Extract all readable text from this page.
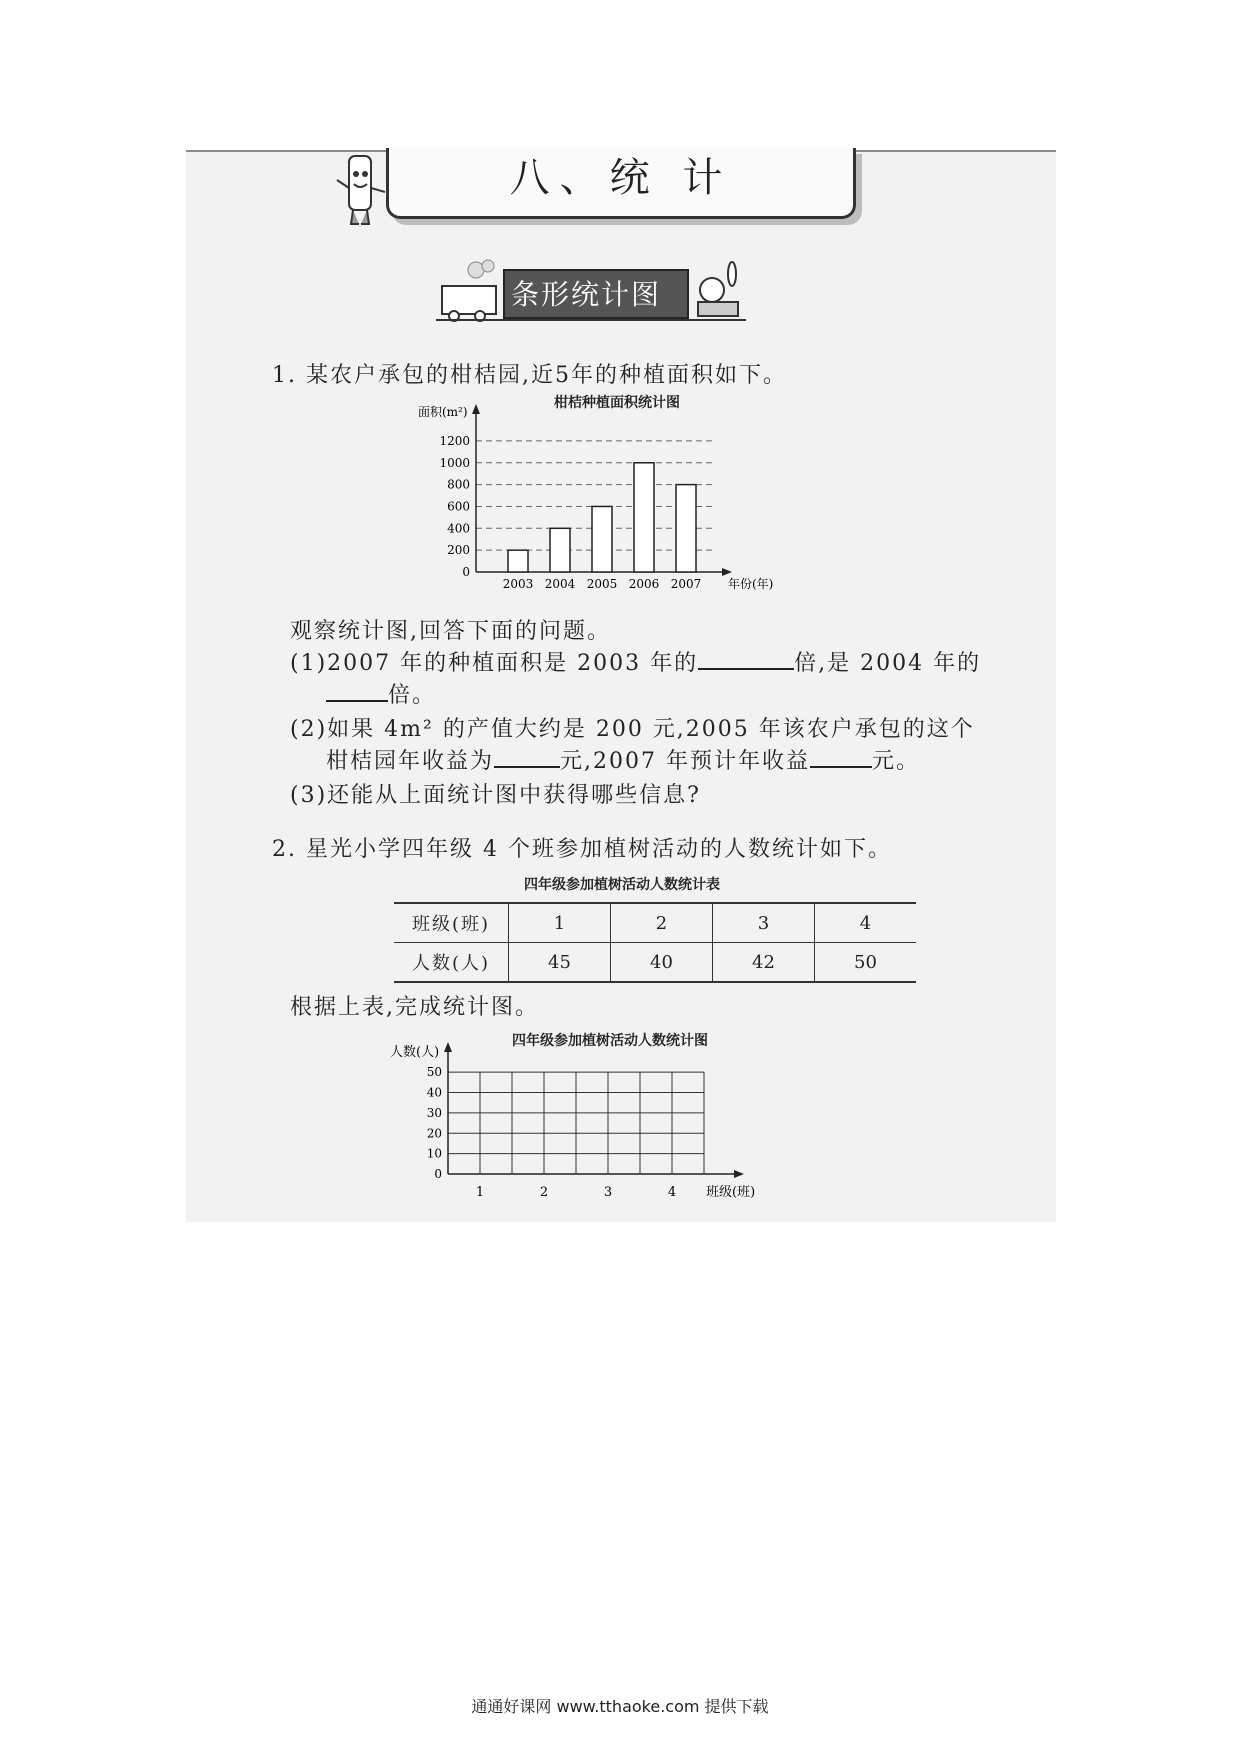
八、统 计
条形统计图
1. 某农户承包的柑桔园,近5年的种植面积如下。
柑桔种植面积统计图
0
200
400
600
800
1000
1200
面积(m²)
年份(年)
2003 2004 2005 2006 2007
观察统计图,回答下面的问题。
(1)2007 年的种植面积是 2003 年的	倍,是 2004 年的
倍。
(2)如果 4m² 的产值大约是 200 元,2005 年该农户承包的这个
柑桔园年收益为	元,2007 年预计年收益	元。
(3)还能从上面统计图中获得哪些信息?
2. 星光小学四年级 4 个班参加植树活动的人数统计如下。
四年级参加植树活动人数统计表
班级(班)	1	2	3	4
人数(人)	45	40	42	50
根据上表,完成统计图。
四年级参加植树活动人数统计图
0
10
20
30
40
50
人数(人)
班级(班)
1	2	3	4
通通好课网 www.tthaoke.com 提供下载
